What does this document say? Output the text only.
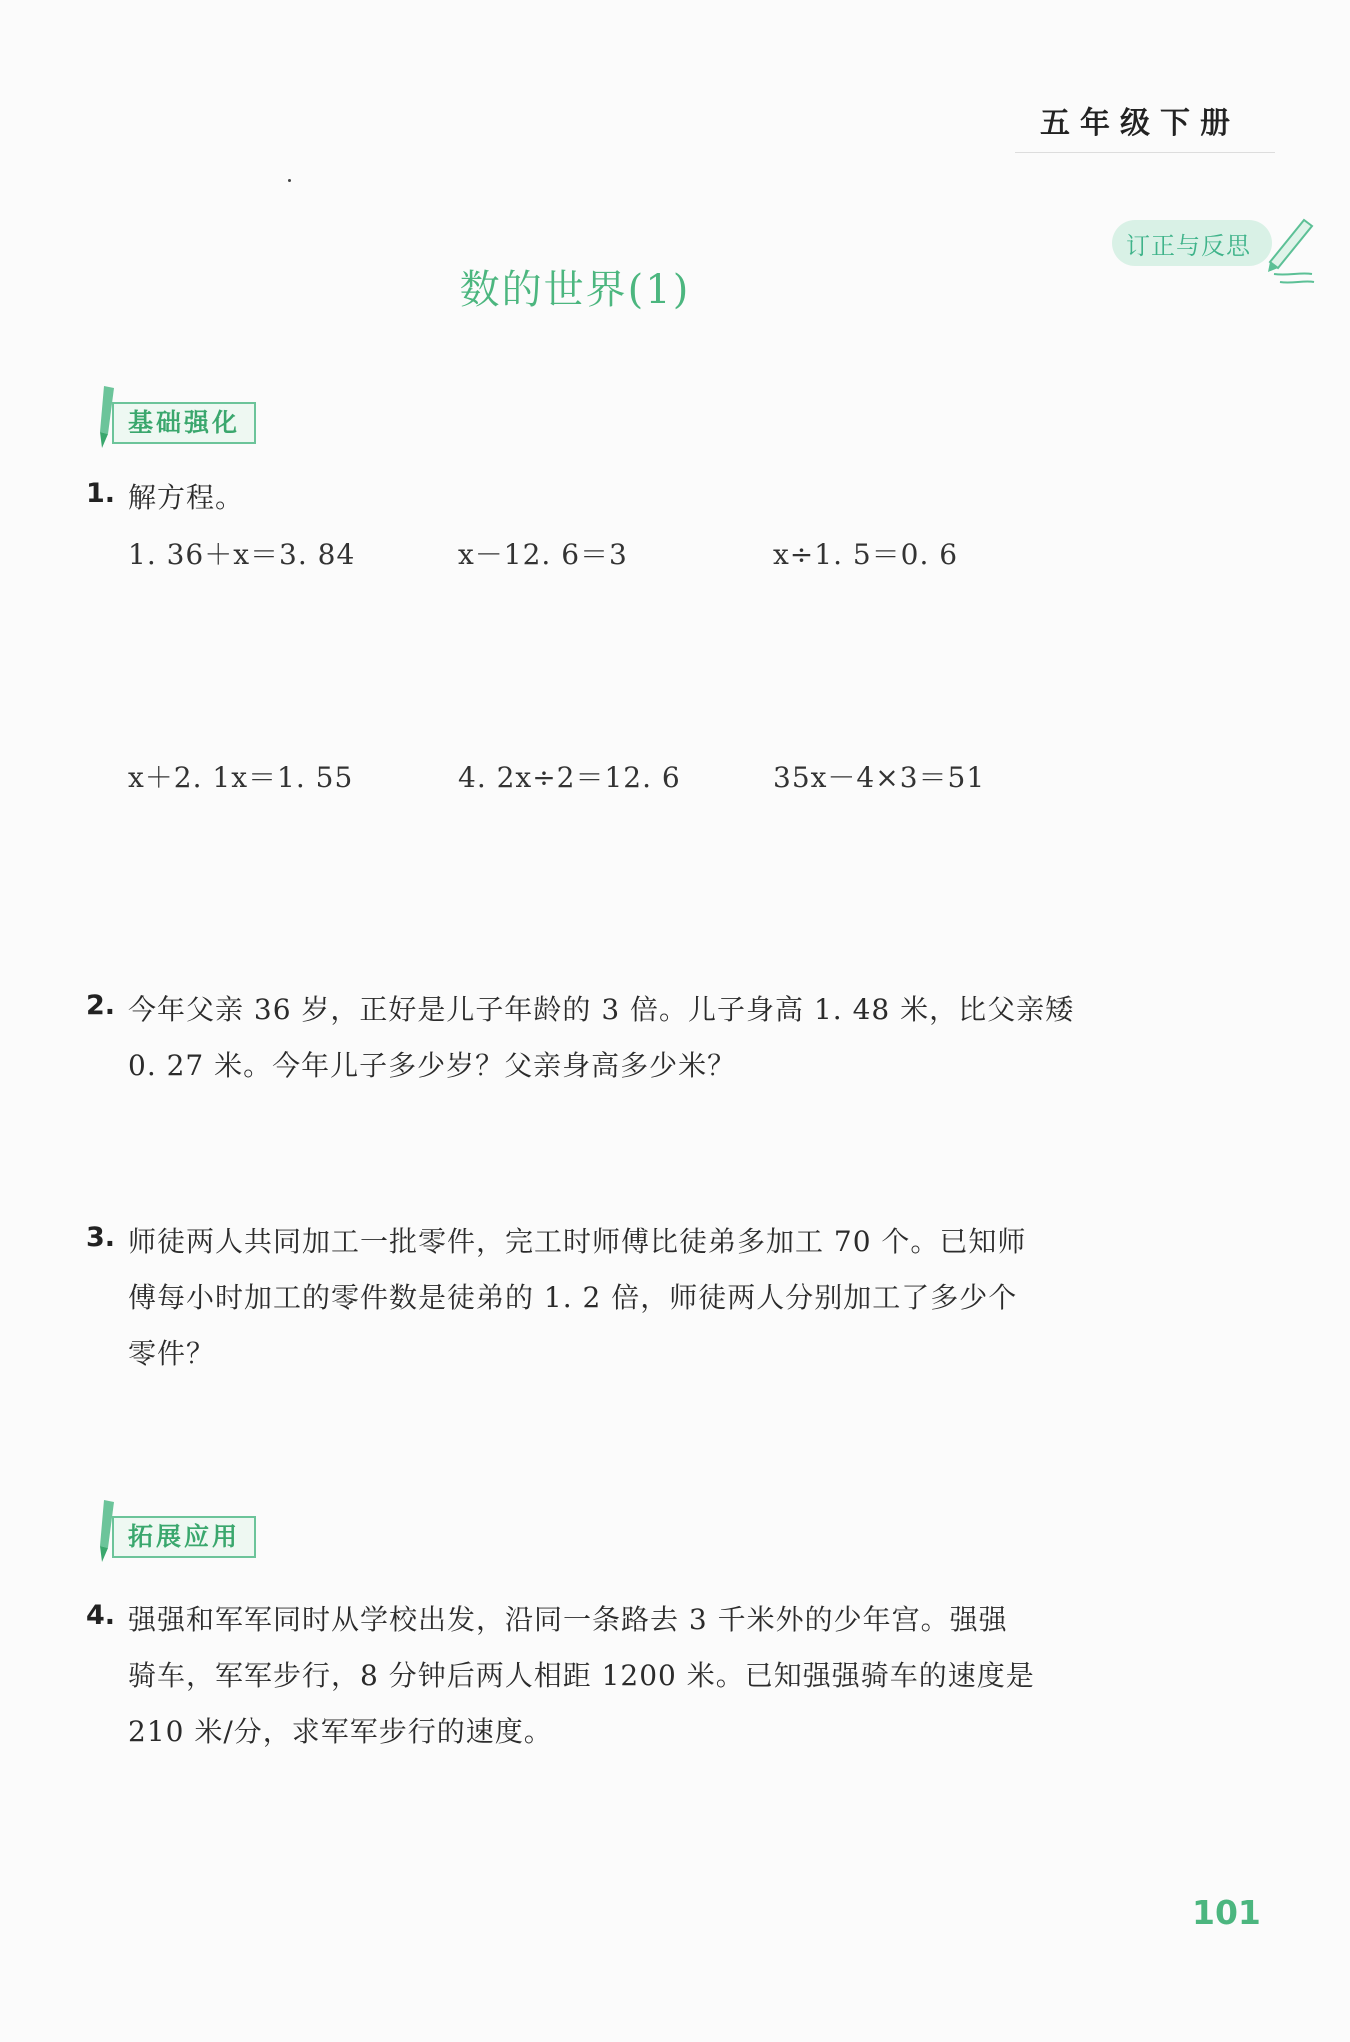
五年级下册
订正与反思
数的世界(1)
基础强化
1. 解方程。
1. 36＋x＝3. 84	x－12. 6＝3	x÷1. 5＝0. 6
x＋2. 1x＝1. 55	4. 2x÷2＝12. 6	35x－4×3＝51
2. 今年父亲 36 岁，正好是儿子年龄的 3 倍。儿子身高 1. 48 米，比父亲矮
0. 27 米。今年儿子多少岁？父亲身高多少米？
3. 师徒两人共同加工一批零件，完工时师傅比徒弟多加工 70 个。已知师
傅每小时加工的零件数是徒弟的 1. 2 倍，师徒两人分别加工了多少个
零件？
拓展应用
4. 强强和军军同时从学校出发，沿同一条路去 3 千米外的少年宫。强强
骑车，军军步行，8 分钟后两人相距 1200 米。已知强强骑车的速度是
210 米/分，求军军步行的速度。
101
